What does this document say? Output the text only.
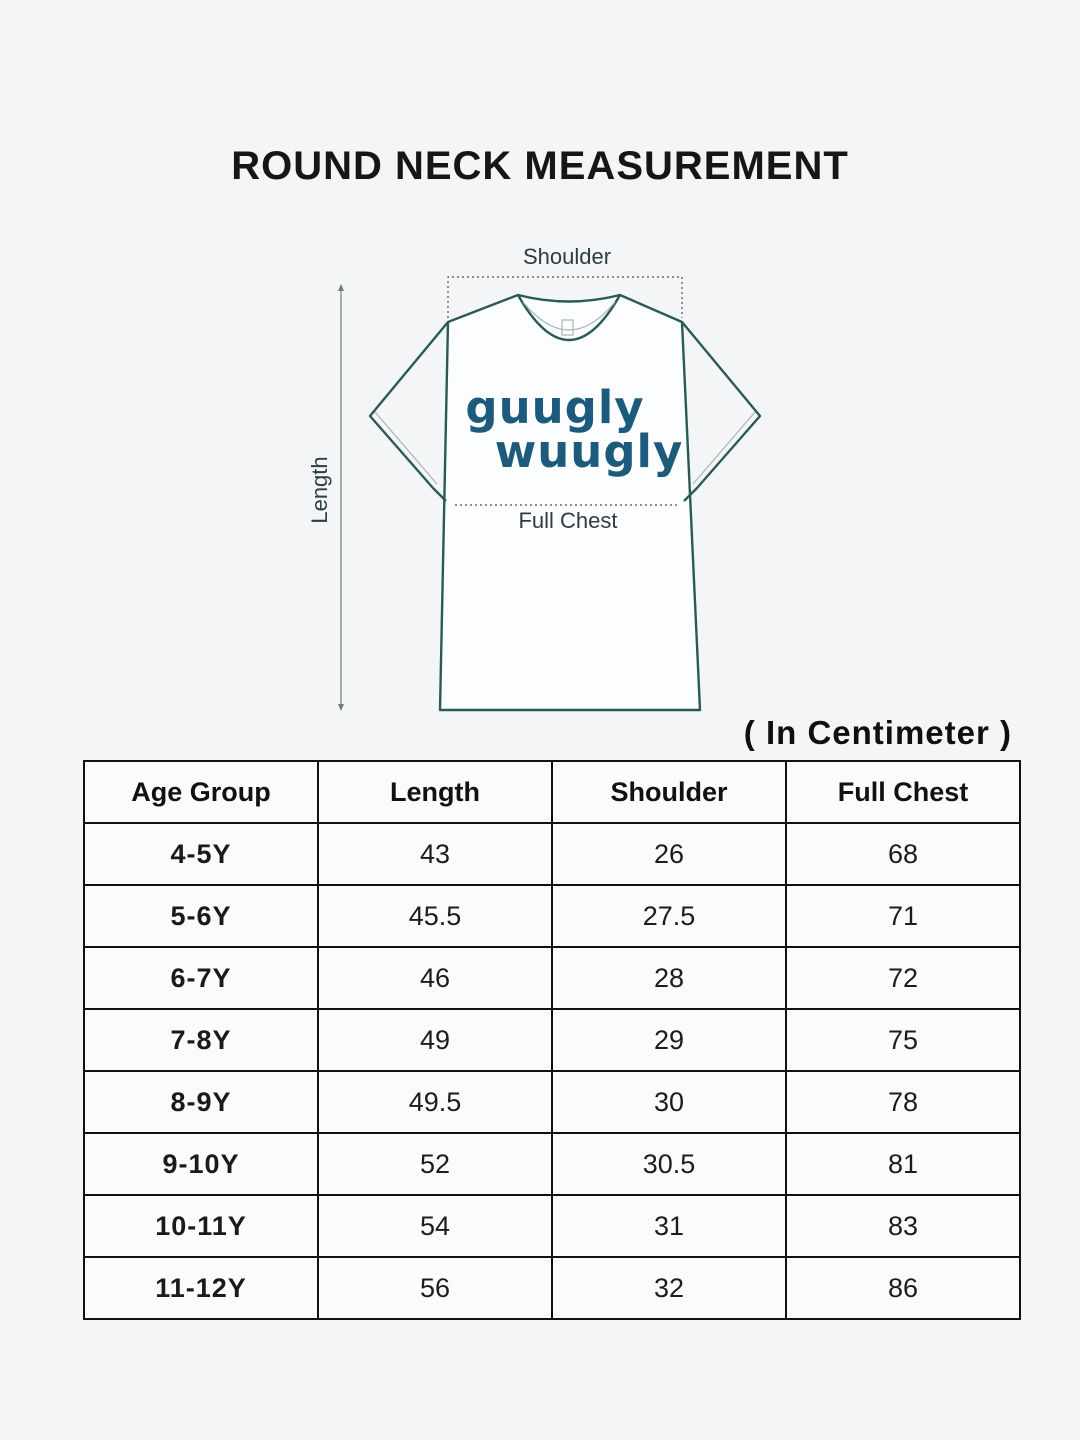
ROUND NECK MEASUREMENT
Shoulder
Length	Full Chest
guugly
wuugly
( In Centimeter )
Age Group	Length	Shoulder	Full Chest
4-5Y	43	26	68
5-6Y	45.5	27.5	71
6-7Y	46	28	72
7-8Y	49	29	75
8-9Y	49.5	30	78
9-10Y	52	30.5	81
10-11Y	54	31	83
11-12Y	56	32	86
